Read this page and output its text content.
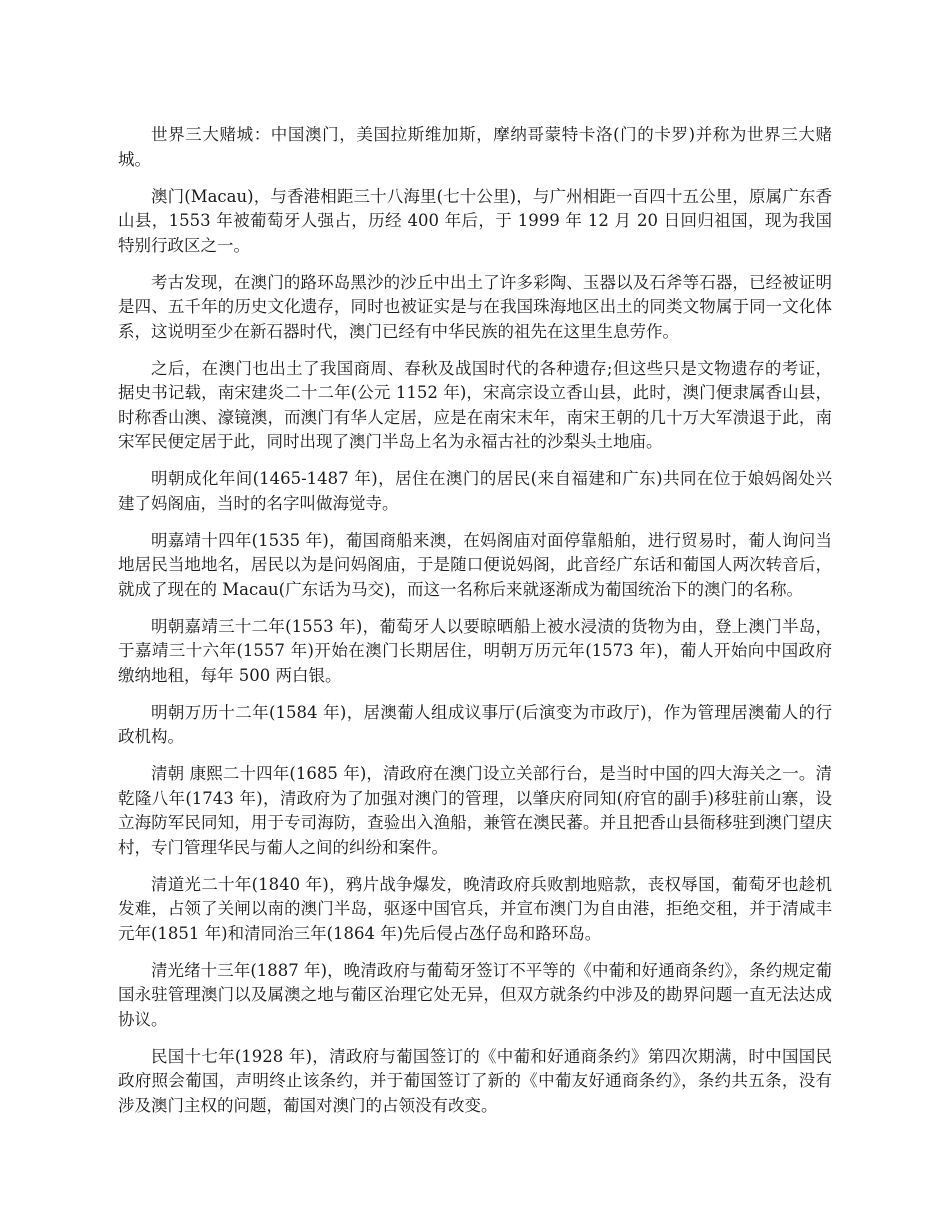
世界三大赌城：中国澳门，美国拉斯维加斯，摩纳哥蒙特卡洛(门的卡罗)并称为世界三大赌城。

澳门(Macau)，与香港相距三十八海里(七十公里)，与广州相距一百四十五公里，原属广东香山县，1553 年被葡萄牙人强占，历经 400 年后，于 1999 年 12 月 20 日回归祖国，现为我国特别行政区之一。

考古发现，在澳门的路环岛黑沙的沙丘中出土了许多彩陶、玉器以及石斧等石器，已经被证明是四、五千年的历史文化遗存，同时也被证实是与在我国珠海地区出土的同类文物属于同一文化体系，这说明至少在新石器时代，澳门已经有中华民族的祖先在这里生息劳作。

之后，在澳门也出土了我国商周、春秋及战国时代的各种遗存;但这些只是文物遗存的考证，据史书记载，南宋建炎二十二年(公元 1152 年)，宋高宗设立香山县，此时，澳门便隶属香山县，时称香山澳、濠镜澳，而澳门有华人定居，应是在南宋末年，南宋王朝的几十万大军溃退于此，南宋军民便定居于此，同时出现了澳门半岛上名为永福古社的沙梨头土地庙。

明朝成化年间(1465-1487 年)，居住在澳门的居民(来自福建和广东)共同在位于娘妈阁处兴建了妈阁庙，当时的名字叫做海觉寺。

明嘉靖十四年(1535 年)，葡国商船来澳，在妈阁庙对面停靠船舶，进行贸易时，葡人询问当地居民当地地名，居民以为是问妈阁庙，于是随口便说妈阁，此音经广东话和葡国人两次转音后，就成了现在的 Macau(广东话为马交)，而这一名称后来就逐渐成为葡国统治下的澳门的名称。

明朝嘉靖三十二年(1553 年)，葡萄牙人以要晾晒船上被水浸渍的货物为由，登上澳门半岛，于嘉靖三十六年(1557 年)开始在澳门长期居住，明朝万历元年(1573 年)，葡人开始向中国政府缴纳地租，每年 500 两白银。

明朝万历十二年(1584 年)，居澳葡人组成议事厅(后演变为市政厅)，作为管理居澳葡人的行政机构。

清朝 康熙二十四年(1685 年)，清政府在澳门设立关部行台，是当时中国的四大海关之一。清乾隆八年(1743 年)，清政府为了加强对澳门的管理，以肇庆府同知(府官的副手)移驻前山寨，设立海防军民同知，用于专司海防，查验出入渔船，兼管在澳民蕃。并且把香山县衙移驻到澳门望庆村，专门管理华民与葡人之间的纠纷和案件。

清道光二十年(1840 年)，鸦片战争爆发，晚清政府兵败割地赔款，丧权辱国，葡萄牙也趁机发难，占领了关闸以南的澳门半岛，驱逐中国官兵，并宣布澳门为自由港，拒绝交租，并于清咸丰元年(1851 年)和清同治三年(1864 年)先后侵占氹仔岛和路环岛。

清光绪十三年(1887 年)，晚清政府与葡萄牙签订不平等的《中葡和好通商条约》，条约规定葡国永驻管理澳门以及属澳之地与葡区治理它处无异，但双方就条约中涉及的勘界问题一直无法达成协议。

民国十七年(1928 年)，清政府与葡国签订的《中葡和好通商条约》第四次期满，时中国国民政府照会葡国，声明终止该条约，并于葡国签订了新的《中葡友好通商条约》，条约共五条，没有涉及澳门主权的问题，葡国对澳门的占领没有改变。
